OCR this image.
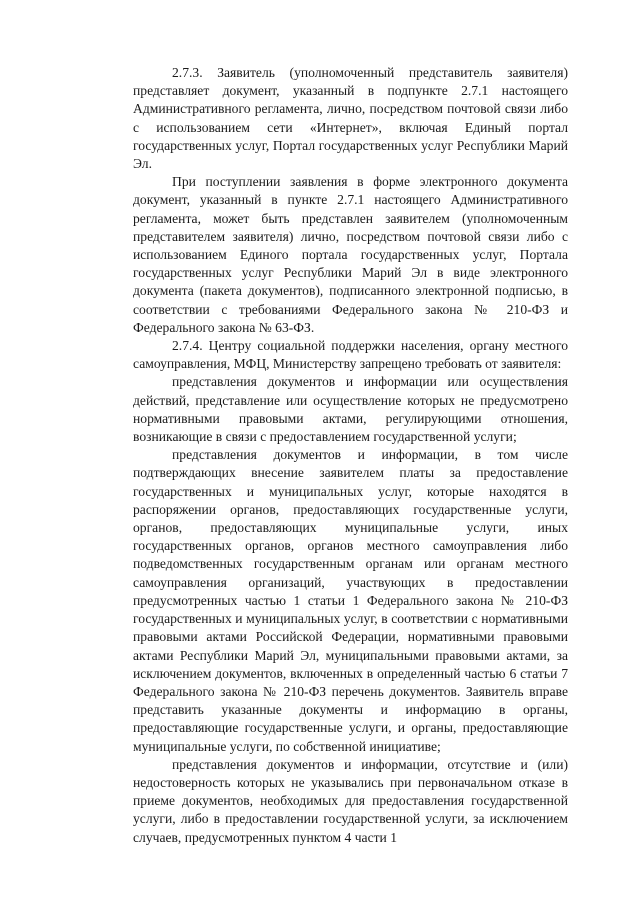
2.7.3. Заявитель (уполномоченный представитель заявителя) представляет документ, указанный в подпункте 2.7.1 настоящего Административного регламента, лично, посредством почтовой связи либо с использованием сети «Интернет», включая Единый портал государственных услуг, Портал государственных услуг Республики Марий Эл.

При поступлении заявления в форме электронного документа документ, указанный в пункте 2.7.1 настоящего Административного регламента, может быть представлен заявителем (уполномоченным представителем заявителя) лично, посредством почтовой связи либо с использованием Единого портала государственных услуг, Портала государственных услуг Республики Марий Эл в виде электронного документа (пакета документов), подписанного электронной подписью, в соответствии с требованиями Федерального закона № 210-ФЗ и Федерального закона № 63-ФЗ.

2.7.4. Центру социальной поддержки населения, органу местного самоуправления, МФЦ, Министерству запрещено требовать от заявителя:

представления документов и информации или осуществления действий, представление или осуществление которых не предусмотрено нормативными правовыми актами, регулирующими отношения, возникающие в связи с предоставлением государственной услуги;

представления документов и информации, в том числе подтверждающих внесение заявителем платы за предоставление государственных и муниципальных услуг, которые находятся в распоряжении органов, предоставляющих государственные услуги, органов, предоставляющих муниципальные услуги, иных государственных органов, органов местного самоуправления либо подведомственных государственным органам или органам местного самоуправления организаций, участвующих в предоставлении предусмотренных частью 1 статьи 1 Федерального закона № 210-ФЗ государственных и муниципальных услуг, в соответствии с нормативными правовыми актами Российской Федерации, нормативными правовыми актами Республики Марий Эл, муниципальными правовыми актами, за исключением документов, включенных в определенный частью 6 статьи 7 Федерального закона № 210-ФЗ перечень документов. Заявитель вправе представить указанные документы и информацию в органы, предоставляющие государственные услуги, и органы, предоставляющие муниципальные услуги, по собственной инициативе;

представления документов и информации, отсутствие и (или) недостоверность которых не указывались при первоначальном отказе в приеме документов, необходимых для предоставления государственной услуги, либо в предоставлении государственной услуги, за исключением случаев, предусмотренных пунктом 4 части 1
